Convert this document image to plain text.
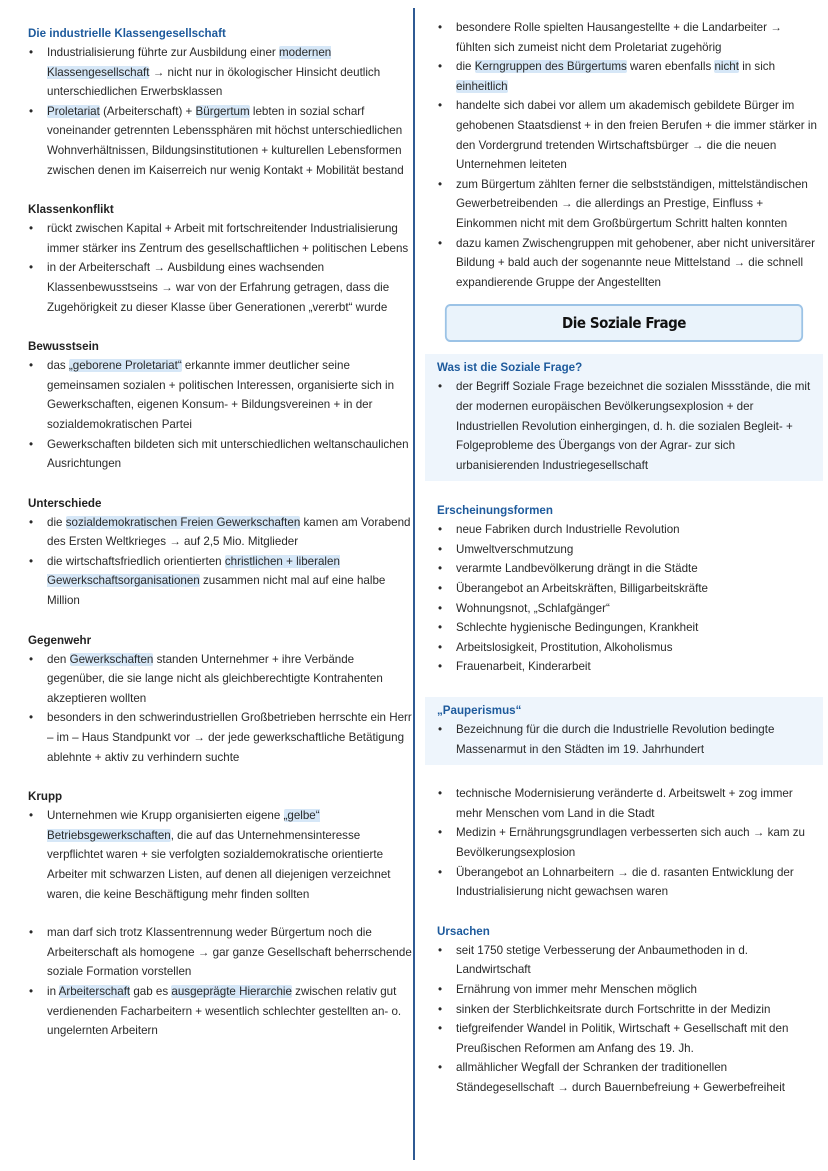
Die industrielle Klassengesellschaft
• Industrialisierung führte zur Ausbildung einer modernen Klassengesellschaft → nicht nur in ökologischer Hinsicht deutlich unterschiedlichen Erwerbsklassen
• Proletariat (Arbeiterschaft) + Bürgertum lebten in sozial scharf voneinander getrennten Lebenssphären mit höchst unterschiedlichen Wohnverhältnissen, Bildungsinstitutionen + kulturellen Lebensformen zwischen denen im Kaiserreich nur wenig Kontakt + Mobilität bestand
Klassenkonflikt
• rückt zwischen Kapital + Arbeit mit fortschreitender Industrialisierung immer stärker ins Zentrum des gesellschaftlichen + politischen Lebens
• in der Arbeiterschaft → Ausbildung eines wachsenden Klassenbewusstseins → war von der Erfahrung getragen, dass die Zugehörigkeit zu dieser Klasse über Generationen „vererbt“ wurde
Bewusstsein
• das „geborene Proletariat“ erkannte immer deutlicher seine gemeinsamen sozialen + politischen Interessen, organisierte sich in Gewerkschaften, eigenen Konsum- + Bildungsvereinen + in der sozialdemokratischen Partei
• Gewerkschaften bildeten sich mit unterschiedlichen weltanschaulichen Ausrichtungen
Unterschiede
• die sozialdemokratischen Freien Gewerkschaften kamen am Vorabend des Ersten Weltkrieges → auf 2,5 Mio. Mitglieder
• die wirtschaftsfriedlich orientierten christlichen + liberalen Gewerkschaftsorganisationen zusammen nicht mal auf eine halbe Million
Gegenwehr
• den Gewerkschaften standen Unternehmer + ihre Verbände gegenüber, die sie lange nicht als gleichberechtigte Kontrahenten akzeptieren wollten
• besonders in den schwerindustriellen Großbetrieben herrschte ein Herr – im – Haus Standpunkt vor → der jede gewerkschaftliche Betätigung ablehnte + aktiv zu verhindern suchte
Krupp
• Unternehmen wie Krupp organisierten eigene „gelbe“ Betriebsgewerkschaften, die auf das Unternehmensinteresse verpflichtet waren + sie verfolgten sozialdemokratische orientierte Arbeiter mit schwarzen Listen, auf denen all diejenigen verzeichnet waren, die keine Beschäftigung mehr finden sollten
• man darf sich trotz Klassentrennung weder Bürgertum noch die Arbeiterschaft als homogene → gar ganze Gesellschaft beherrschende soziale Formation vorstellen
• in Arbeiterschaft gab es ausgeprägte Hierarchie zwischen relativ gut verdienenden Facharbeitern + wesentlich schlechter gestellten an- o. ungelernten Arbeitern
• besondere Rolle spielten Hausangestellte + die Landarbeiter → fühlten sich zumeist nicht dem Proletariat zugehörig
• die Kerngruppen des Bürgertums waren ebenfalls nicht in sich einheitlich
• handelte sich dabei vor allem um akademisch gebildete Bürger im gehobenen Staatsdienst + in den freien Berufen + die immer stärker in den Vordergrund tretenden Wirtschaftsbürger → die die neuen Unternehmen leiteten
• zum Bürgertum zählten ferner die selbstständigen, mittelständischen Gewerbetreibenden → die allerdings an Prestige, Einfluss + Einkommen nicht mit dem Großbürgertum Schritt halten konnten
• dazu kamen Zwischengruppen mit gehobener, aber nicht universitärer Bildung + bald auch der sogenannte neue Mittelstand → die schnell expandierende Gruppe der Angestellten
Die Soziale Frage
Was ist die Soziale Frage?
• der Begriff Soziale Frage bezeichnet die sozialen Missstände, die mit der modernen europäischen Bevölkerungsexplosion + der Industriellen Revolution einhergingen, d. h. die sozialen Begleit- + Folgeprobleme des Übergangs von der Agrar- zur sich urbanisierenden Industriegesellschaft
Erscheinungsformen
• neue Fabriken durch Industrielle Revolution
• Umweltverschmutzung
• verarmte Landbevölkerung drängt in die Städte
• Überangebot an Arbeitskräften, Billigarbeitskräfte
• Wohnungsnot, „Schlafgänger“
• Schlechte hygienische Bedingungen, Krankheit
• Arbeitslosigkeit, Prostitution, Alkoholismus
• Frauenarbeit, Kinderarbeit
„Pauperismus“
• Bezeichnung für die durch die Industrielle Revolution bedingte Massenarmut in den Städten im 19. Jahrhundert
• technische Modernisierung veränderte d. Arbeitswelt + zog immer mehr Menschen vom Land in die Stadt
• Medizin + Ernährungsgrundlagen verbesserten sich auch → kam zu Bevölkerungsexplosion
• Überangebot an Lohnarbeitern → die d. rasanten Entwicklung der Industrialisierung nicht gewachsen waren
Ursachen
• seit 1750 stetige Verbesserung der Anbaumethoden in d. Landwirtschaft
• Ernährung von immer mehr Menschen möglich
• sinken der Sterblichkeitsrate durch Fortschritte in der Medizin
• tiefgreifender Wandel in Politik, Wirtschaft + Gesellschaft mit den Preußischen Reformen am Anfang des 19. Jh.
• allmählicher Wegfall der Schranken der traditionellen Ständegesellschaft → durch Bauernbefreiung + Gewerbefreiheit
